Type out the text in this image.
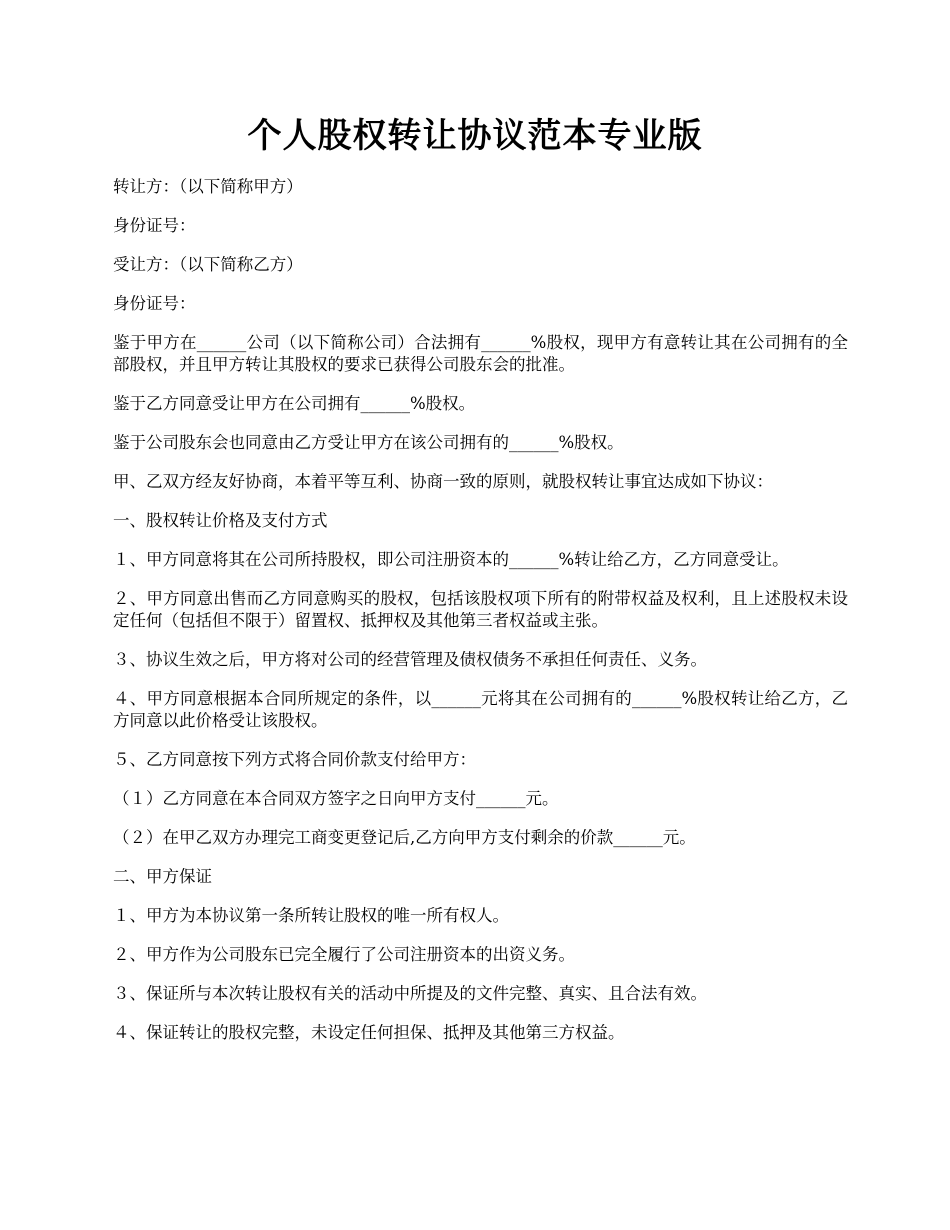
个人股权转让协议范本专业版

转让方：（以下简称甲方）

身份证号：

受让方：（以下简称乙方）

身份证号：

鉴于甲方在______公司（以下简称公司）合法拥有______%股权，现甲方有意转让其在公司拥有的全部股权，并且甲方转让其股权的要求已获得公司股东会的批准。

鉴于乙方同意受让甲方在公司拥有______%股权。

鉴于公司股东会也同意由乙方受让甲方在该公司拥有的______%股权。

甲、乙双方经友好协商，本着平等互利、协商一致的原则，就股权转让事宜达成如下协议：

一、股权转让价格及支付方式

１、甲方同意将其在公司所持股权，即公司注册资本的______%转让给乙方，乙方同意受让。

２、甲方同意出售而乙方同意购买的股权，包括该股权项下所有的附带权益及权利，且上述股权未设定任何（包括但不限于）留置权、抵押权及其他第三者权益或主张。

３、协议生效之后，甲方将对公司的经营管理及债权债务不承担任何责任、义务。

４、甲方同意根据本合同所规定的条件，以______元将其在公司拥有的______%股权转让给乙方，乙方同意以此价格受让该股权。

５、乙方同意按下列方式将合同价款支付给甲方：

（１）乙方同意在本合同双方签字之日向甲方支付______元。

（２）在甲乙双方办理完工商变更登记后,乙方向甲方支付剩余的价款______元。

二、甲方保证

１、甲方为本协议第一条所转让股权的唯一所有权人。

２、甲方作为公司股东已完全履行了公司注册资本的出资义务。

３、保证所与本次转让股权有关的活动中所提及的文件完整、真实、且合法有效。

４、保证转让的股权完整，未设定任何担保、抵押及其他第三方权益。
